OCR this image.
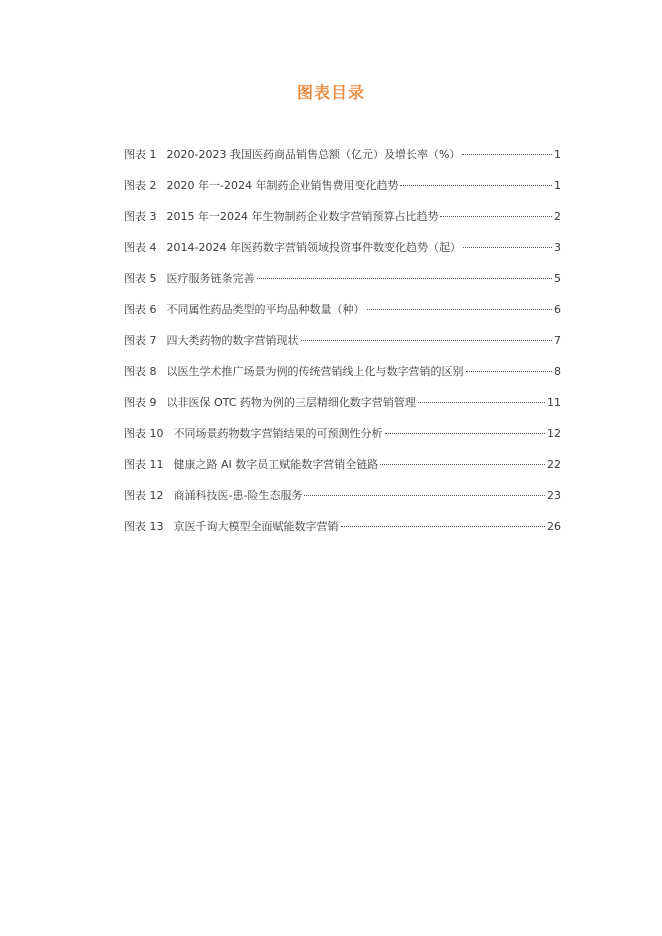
图表目录
图表 1 2020-2023 我国医药商品销售总额（亿元）及增长率（%）	1
图表 2 2020 年一-2024 年制药企业销售费用变化趋势	1
图表 3 2015 年一2024 年生物制药企业数字营销预算占比趋势	2
图表 4 2014-2024 年医药数字营销领域投资事件数变化趋势（起）	3
图表 5 医疗服务链条完善	5
图表 6 不同属性药品类型的平均品种数量（种）	6
图表 7 四大类药物的数字营销现状	7
图表 8 以医生学术推广场景为例的传统营销线上化与数字营销的区别	8
图表 9 以非医保 OTC 药物为例的三层精细化数字营销管理	11
图表 10 不同场景药物数字营销结果的可预测性分析	12
图表 11 健康之路 AI 数字员工赋能数字营销全链路	22
图表 12 商涌科技医-患-险生态服务	23
图表 13 京医千询大模型全面赋能数字营销	26
